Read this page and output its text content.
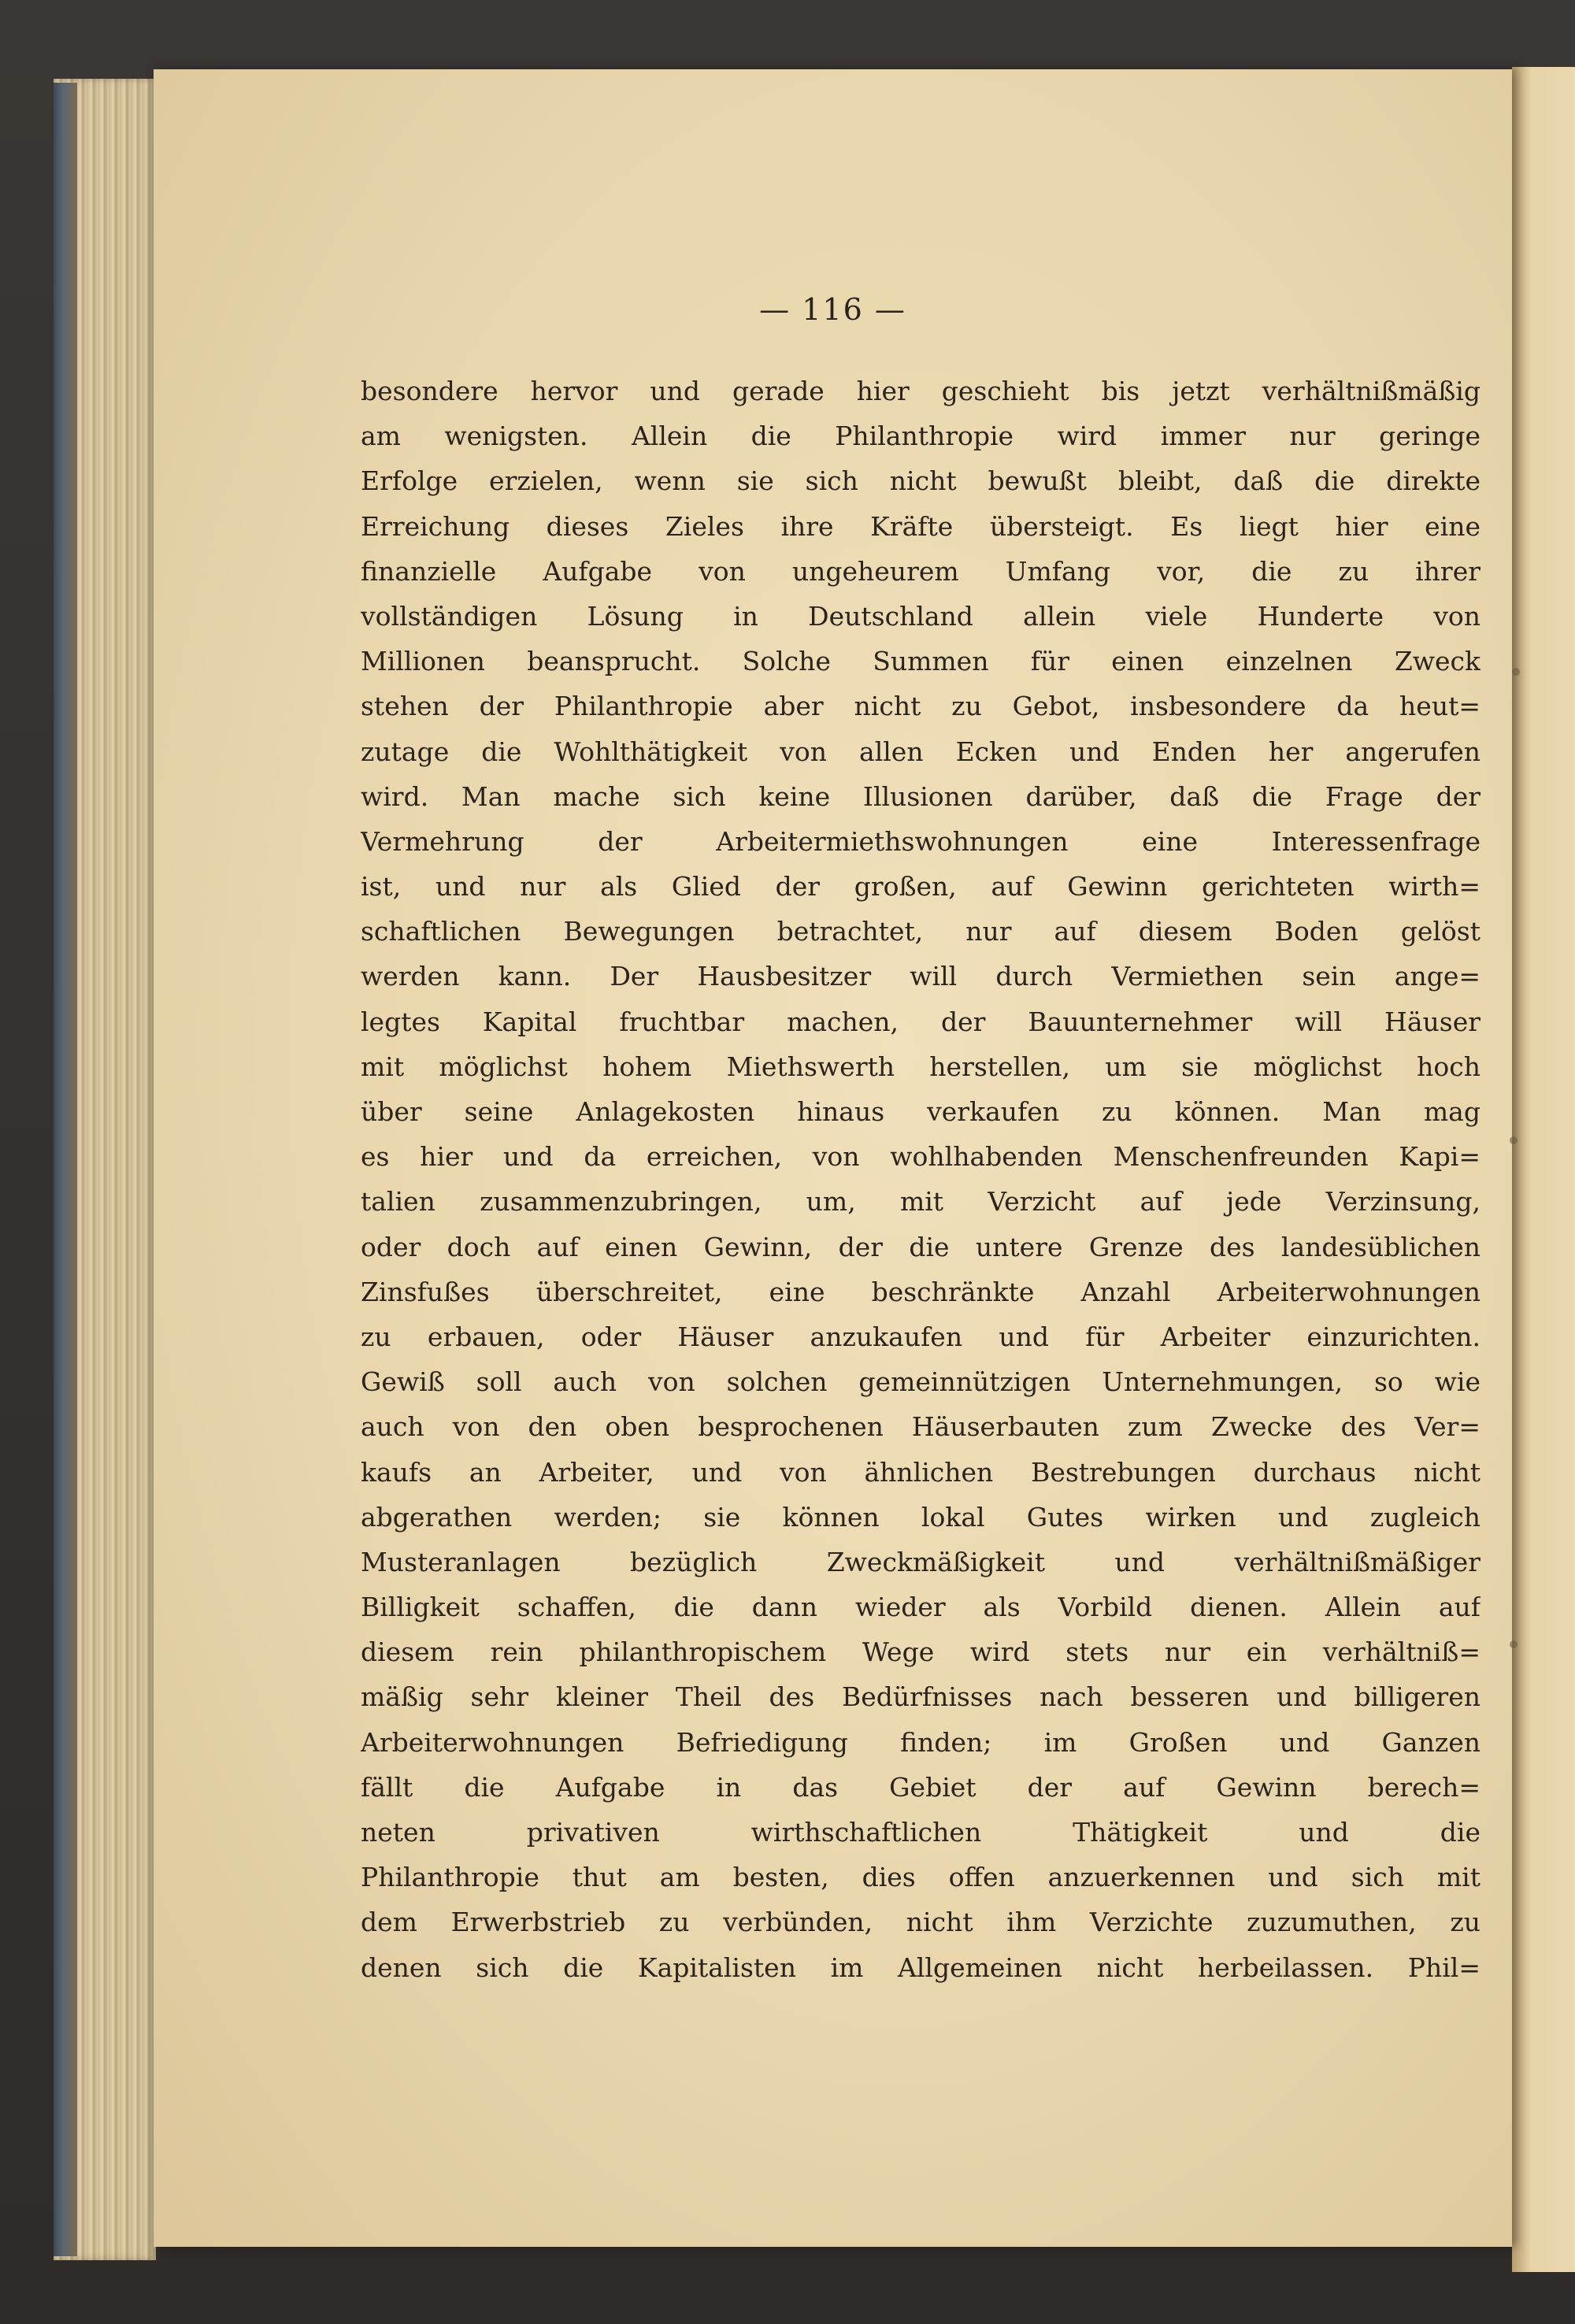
— 116 —
besondere hervor und gerade hier geschieht bis jetzt verhältnißmäßig
am wenigsten. Allein die Philanthropie wird immer nur geringe
Erfolge erzielen, wenn sie sich nicht bewußt bleibt, daß die direkte
Erreichung dieses Zieles ihre Kräfte übersteigt. Es liegt hier eine
finanzielle Aufgabe von ungeheurem Umfang vor, die zu ihrer
vollständigen Lösung in Deutschland allein viele Hunderte von
Millionen beansprucht. Solche Summen für einen einzelnen Zweck
stehen der Philanthropie aber nicht zu Gebot, insbesondere da heut=
zutage die Wohlthätigkeit von allen Ecken und Enden her angerufen
wird. Man mache sich keine Illusionen darüber, daß die Frage der
Vermehrung der Arbeitermiethswohnungen eine Interessenfrage
ist, und nur als Glied der großen, auf Gewinn gerichteten wirth=
schaftlichen Bewegungen betrachtet, nur auf diesem Boden gelöst
werden kann. Der Hausbesitzer will durch Vermiethen sein ange=
legtes Kapital fruchtbar machen, der Bauunternehmer will Häuser
mit möglichst hohem Miethswerth herstellen, um sie möglichst hoch
über seine Anlagekosten hinaus verkaufen zu können. Man mag
es hier und da erreichen, von wohlhabenden Menschenfreunden Kapi=
talien zusammenzubringen, um, mit Verzicht auf jede Verzinsung,
oder doch auf einen Gewinn, der die untere Grenze des landesüblichen
Zinsfußes überschreitet, eine beschränkte Anzahl Arbeiterwohnungen
zu erbauen, oder Häuser anzukaufen und für Arbeiter einzurichten.
Gewiß soll auch von solchen gemeinnützigen Unternehmungen, so wie
auch von den oben besprochenen Häuserbauten zum Zwecke des Ver=
kaufs an Arbeiter, und von ähnlichen Bestrebungen durchaus nicht
abgerathen werden; sie können lokal Gutes wirken und zugleich
Musteranlagen bezüglich Zweckmäßigkeit und verhältnißmäßiger
Billigkeit schaffen, die dann wieder als Vorbild dienen. Allein auf
diesem rein philanthropischem Wege wird stets nur ein verhältniß=
mäßig sehr kleiner Theil des Bedürfnisses nach besseren und billigeren
Arbeiterwohnungen Befriedigung finden; im Großen und Ganzen
fällt die Aufgabe in das Gebiet der auf Gewinn berech=
neten privativen wirthschaftlichen Thätigkeit und die
Philanthropie thut am besten, dies offen anzuerkennen und sich mit
dem Erwerbstrieb zu verbünden, nicht ihm Verzichte zuzumuthen, zu
denen sich die Kapitalisten im Allgemeinen nicht herbeilassen. Phil=
